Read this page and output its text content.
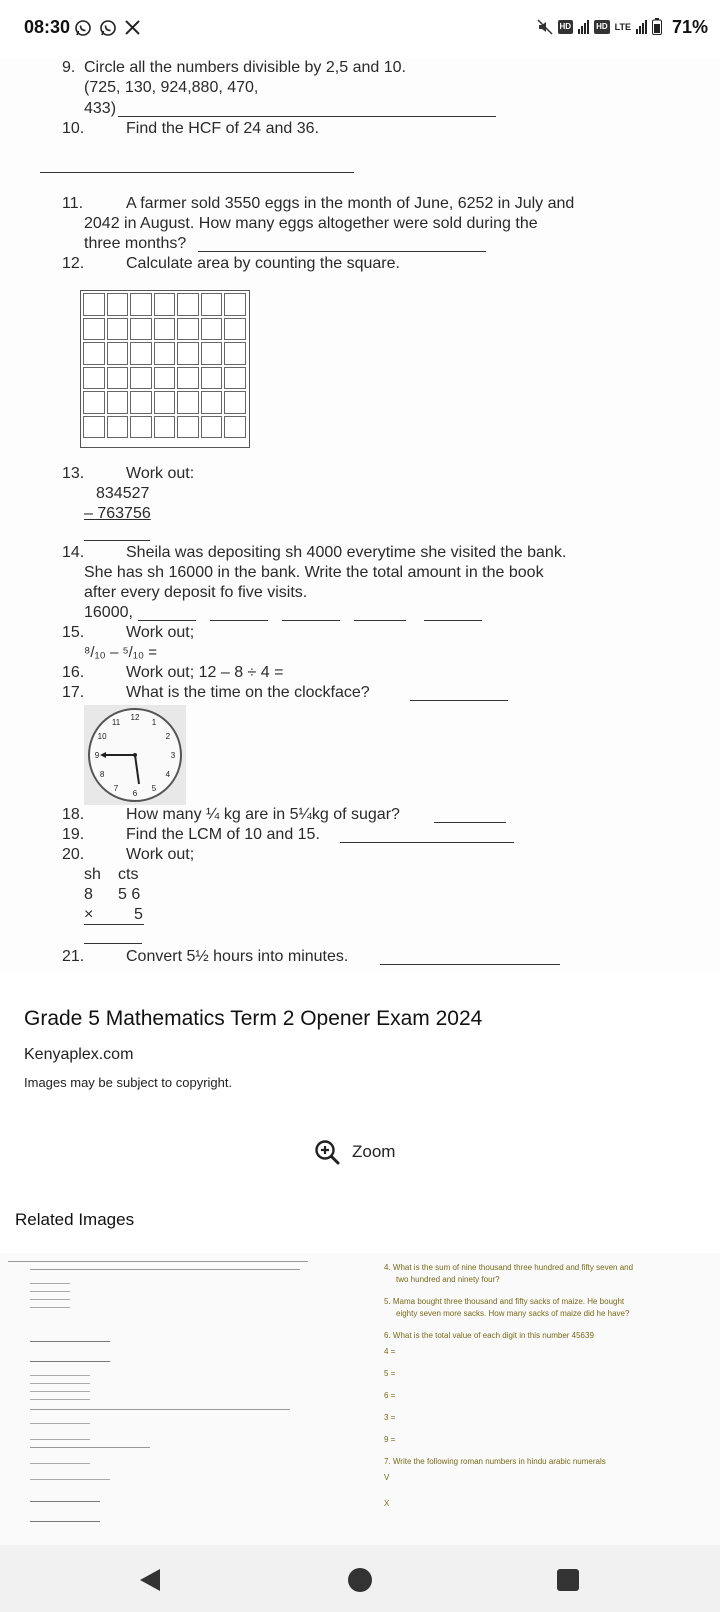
08:30	HD	HD LTE 71%
9. Circle all the numbers divisible by 2,5 and 10.
(725, 130, 924,880, 470,
433)
10.	Find the HCF of 24 and 36.
11.	A farmer sold 3550 eggs in the month of June, 6252 in July and
2042 in August. How many eggs altogether were sold during the
three months?
12.	Calculate area by counting the square.
13.	Work out:
834527
– 763756
14.	Sheila was depositing sh 4000 everytime she visited the bank.
She has sh 16000 in the bank. Write the total amount in the book
after every deposit fo five visits.
16000,
15.	Work out;
⁸/₁₀ – ⁵/₁₀ =
16.	Work out; 12 – 8 ÷ 4 =
17.	What is the time on the clockface?
12
1
2
3
4
5
6
7
8
9
10
11
18.	How many ¼ kg are in 5¼kg of sugar?
19.	Find the LCM of 10 and 15.
20.	Work out;
sh cts
8 5 6
×	5
21.	Convert 5½ hours into minutes.
Grade 5 Mathematics Term 2 Opener Exam 2024
Kenyaplex.com
Images may be subject to copyright.
Zoom
Related Images
4. What is the sum of nine thousand three hundred and fifty seven and
two hundred and ninety four?
5. Mama bought three thousand and fifty sacks of maize. He bought
eighty seven more sacks. How many sacks of maize did he have?
6. What is the total value of each digit in this number 45639
4 =
5 =
6 =
3 =
9 =
7. Write the following roman numbers in hindu arabic numerals
V
X
